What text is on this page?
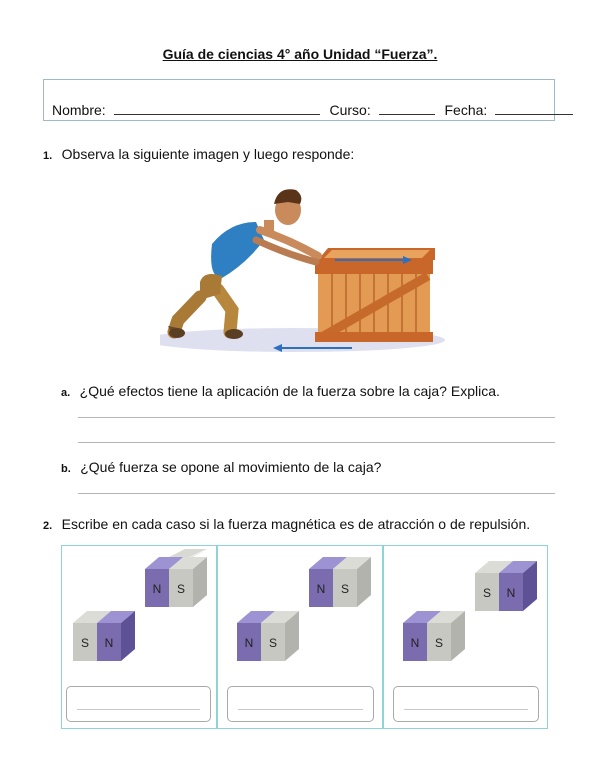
Guía de ciencias 4° año Unidad “Fuerza”.
Nombre:	Curso:	Fecha:
1. Observa la siguiente imagen y luego responde:
a. ¿Qué efectos tiene la aplicación de la fuerza sobre la caja? Explica.
b. ¿Qué fuerza se opone al movimiento de la caja?
2. Escribe en cada caso si la fuerza magnética es de atracción o de repulsión.
N S
S N
N S
N S
S N
N S
